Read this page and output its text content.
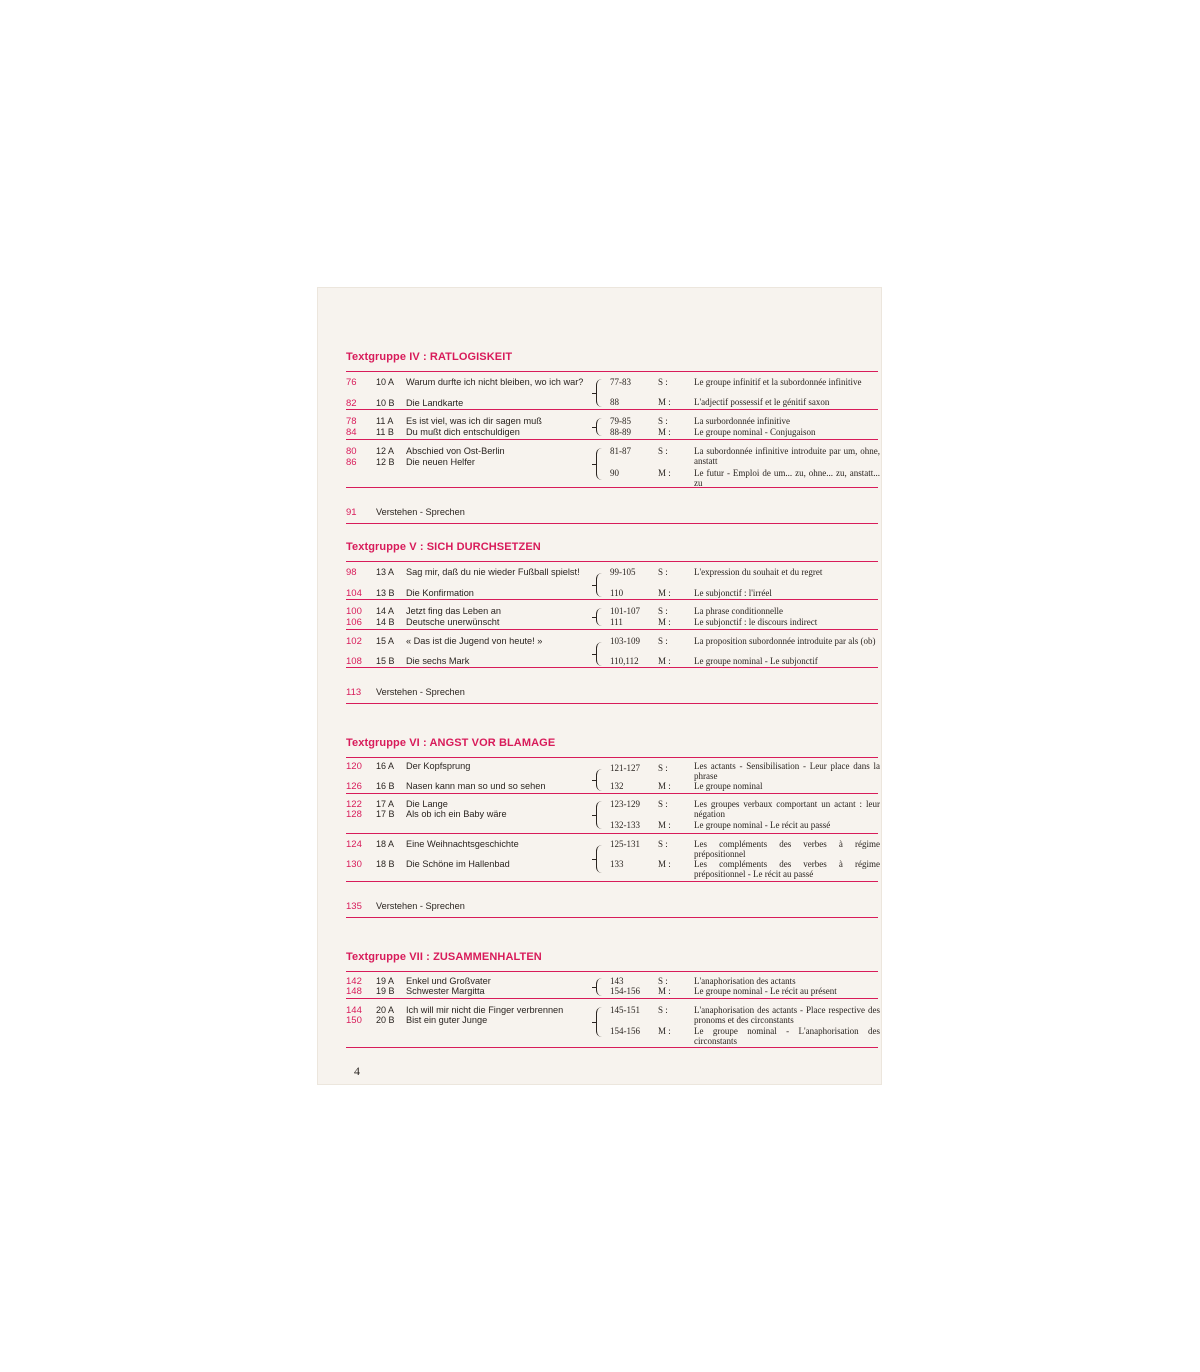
Textgruppe IV : RATLOGISKEIT
76	10 A	Warum durfte ich nicht bleiben, wo ich war?
82	10 B	Die Landkarte
77-83	S :	Le groupe infinitif et la subordonnée infinitive
88	M :	L'adjectif possessif et le génitif saxon
78	11 A	Es ist viel, was ich dir sagen muß
84	11 B	Du mußt dich entschuldigen
79-85	S :	La surbordonnée infinitive
88-89	M :	Le groupe nominal - Conjugaison
80	12 A	Abschied von Ost-Berlin
86	12 B	Die neuen Helfer
81-87	S :	La subordonnée infinitive introduite par um, ohne, anstatt
90	M :	Le futur - Emploi de um... zu, ohne... zu, anstatt... zu
91	Verstehen - Sprechen
Textgruppe V : SICH DURCHSETZEN
98	13 A	Sag mir, daß du nie wieder Fußball spielst!
104	13 B	Die Konfirmation
99-105	S :	L'expression du souhait et du regret
110	M :	Le subjonctif : l'irréel
100	14 A	Jetzt fing das Leben an
106	14 B	Deutsche unerwünscht
101-107	S :	La phrase conditionnelle
111	M :	Le subjonctif : le discours indirect
102	15 A	« Das ist die Jugend von heute! »
108	15 B	Die sechs Mark
103-109	S :	La proposition subordonnée introduite par als (ob)
110,112	M :	Le groupe nominal - Le subjonctif
113	Verstehen - Sprechen
Textgruppe VI : ANGST VOR BLAMAGE
120	16 A	Der Kopfsprung
126	16 B	Nasen kann man so und so sehen
121-127	S :	Les actants - Sensibilisation - Leur place dans la phrase
132	M :	Le groupe nominal
122	17 A	Die Lange
128	17 B	Als ob ich ein Baby wäre
123-129	S :	Les groupes verbaux comportant un actant : leur négation
132-133	M :	Le groupe nominal - Le récit au passé
124	18 A	Eine Weihnachtsgeschichte
130	18 B	Die Schöne im Hallenbad
125-131	S :	Les compléments des verbes à régime prépositionnel
133	M :	Les compléments des verbes à régime prépositionnel - Le récit au passé
135	Verstehen - Sprechen
Textgruppe VII : ZUSAMMENHALTEN
142	19 A	Enkel und Großvater
148	19 B	Schwester Margitta
143	S :	L'anaphorisation des actants
154-156	M :	Le groupe nominal - Le récit au présent
144	20 A	Ich will mir nicht die Finger verbrennen
150	20 B	Bist ein guter Junge
145-151	S :	L'anaphorisation des actants - Place respective des pronoms et des circonstants
154-156	M :	Le groupe nominal - L'anaphorisation des circonstants
4
